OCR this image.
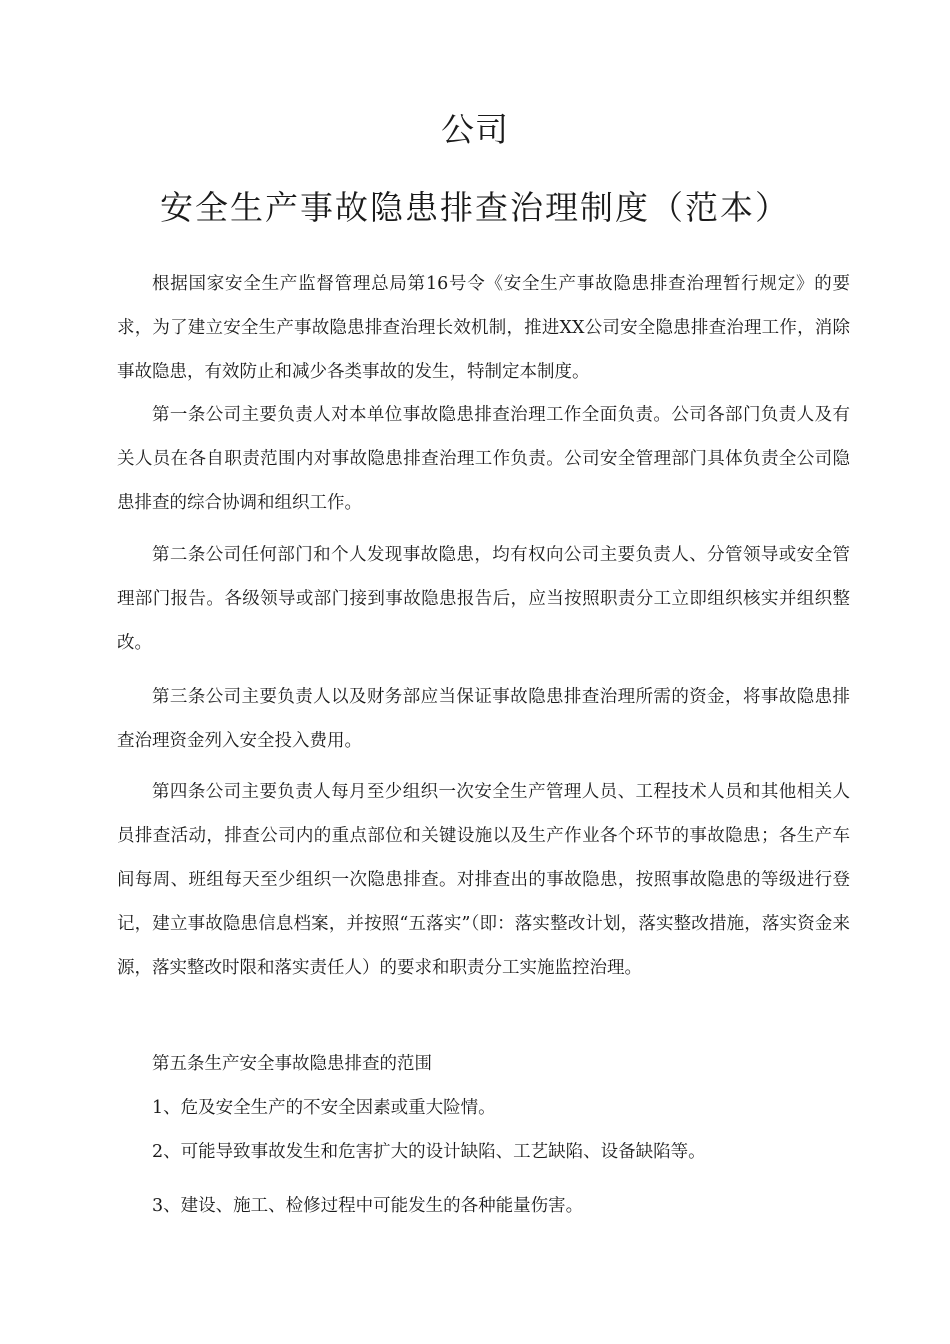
公司
安全生产事故隐患排查治理制度（范本）

根据国家安全生产监督管理总局第16号令《安全生产事故隐患排查治理暂行规定》的要求，为了建立安全生产事故隐患排查治理长效机制，推进XX公司安全隐患排查治理工作，消除事故隐患，有效防止和减少各类事故的发生，特制定本制度。

第一条公司主要负责人对本单位事故隐患排查治理工作全面负责。公司各部门负责人及有关人员在各自职责范围内对事故隐患排查治理工作负责。公司安全管理部门具体负责全公司隐患排查的综合协调和组织工作。

第二条公司任何部门和个人发现事故隐患，均有权向公司主要负责人、分管领导或安全管理部门报告。各级领导或部门接到事故隐患报告后，应当按照职责分工立即组织核实并组织整改。

第三条公司主要负责人以及财务部应当保证事故隐患排查治理所需的资金，将事故隐患排查治理资金列入安全投入费用。

第四条公司主要负责人每月至少组织一次安全生产管理人员、工程技术人员和其他相关人员排查活动，排查公司内的重点部位和关键设施以及生产作业各个环节的事故隐患；各生产车间每周、班组每天至少组织一次隐患排查。对排查出的事故隐患，按照事故隐患的等级进行登记，建立事故隐患信息档案，并按照“五落实”（即：落实整改计划，落实整改措施，落实资金来源，落实整改时限和落实责任人）的要求和职责分工实施监控治理。

第五条生产安全事故隐患排查的范围

1、危及安全生产的不安全因素或重大险情。

2、可能导致事故发生和危害扩大的设计缺陷、工艺缺陷、设备缺陷等。

3、建设、施工、检修过程中可能发生的各种能量伤害。
